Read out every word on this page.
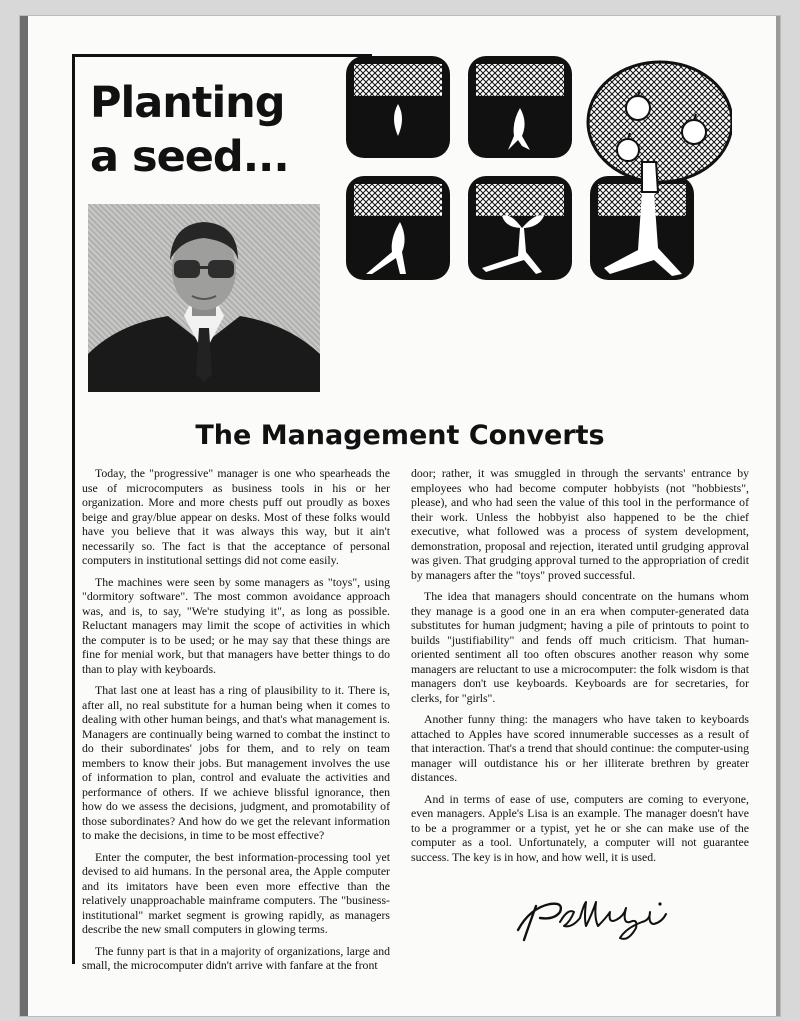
Planting
a seed...
The Management Converts

Today, the "progressive" manager is one who spearheads the use of microcomputers as business tools in his or her organization. More and more chests puff out proudly as boxes beige and gray/blue appear on desks. Most of these folks would have you believe that it was always this way, but it ain't necessarily so. The fact is that the acceptance of personal computers in institutional settings did not come easily.

The machines were seen by some managers as "toys", using "dormitory software". The most common avoidance approach was, and is, to say, "We're studying it", as long as possible. Reluctant managers may limit the scope of activities in which the computer is to be used; or he may say that these things are fine for menial work, but that managers have better things to do than to play with keyboards.

That last one at least has a ring of plausibility to it. There is, after all, no real substitute for a human being when it comes to dealing with other human beings, and that's what management is. Managers are continually being warned to combat the instinct to do their subordinates' jobs for them, and to rely on team members to know their jobs. But management involves the use of information to plan, control and evaluate the activities and performance of others. If we achieve blissful ignorance, then how do we assess the decisions, judgment, and promotability of those subordinates? And how do we get the relevant information to make the decisions, in time to be most effective?

Enter the computer, the best information-processing tool yet devised to aid humans. In the personal area, the Apple computer and its imitators have been even more effective than the relatively unapproachable mainframe computers. The "business-institutional" market segment is growing rapidly, as managers describe the new small computers in glowing terms.

The funny part is that in a majority of organizations, large and small, the microcomputer didn't arrive with fanfare at the front

door; rather, it was smuggled in through the servants' entrance by employees who had become computer hobbyists (not "hobbiests", please), and who had seen the value of this tool in the performance of their work. Unless the hobbyist also happened to be the chief executive, what followed was a process of system development, demonstration, proposal and rejection, iterated until grudging approval was given. That grudging approval turned to the appropriation of credit by managers after the "toys" proved successful.

The idea that managers should concentrate on the humans whom they manage is a good one in an era when computer-generated data substitutes for human judgment; having a pile of printouts to point to builds "justifiability" and fends off much criticism. That human-oriented sentiment all too often obscures another reason why some managers are reluctant to use a microcomputer: the folk wisdom is that managers don't use keyboards. Keyboards are for secretaries, for clerks, for "girls".

Another funny thing: the managers who have taken to keyboards attached to Apples have scored innumerable successes as a result of that interaction. That's a trend that should continue: the computer-using manager will outdistance his or her illiterate brethren by greater distances.

And in terms of ease of use, computers are coming to everyone, even managers. Apple's Lisa is an example. The manager doesn't have to be a programmer or a typist, yet he or she can make use of the computer as a tool. Unfortunately, a computer will not guarantee success. The key is in how, and how well, it is used.
